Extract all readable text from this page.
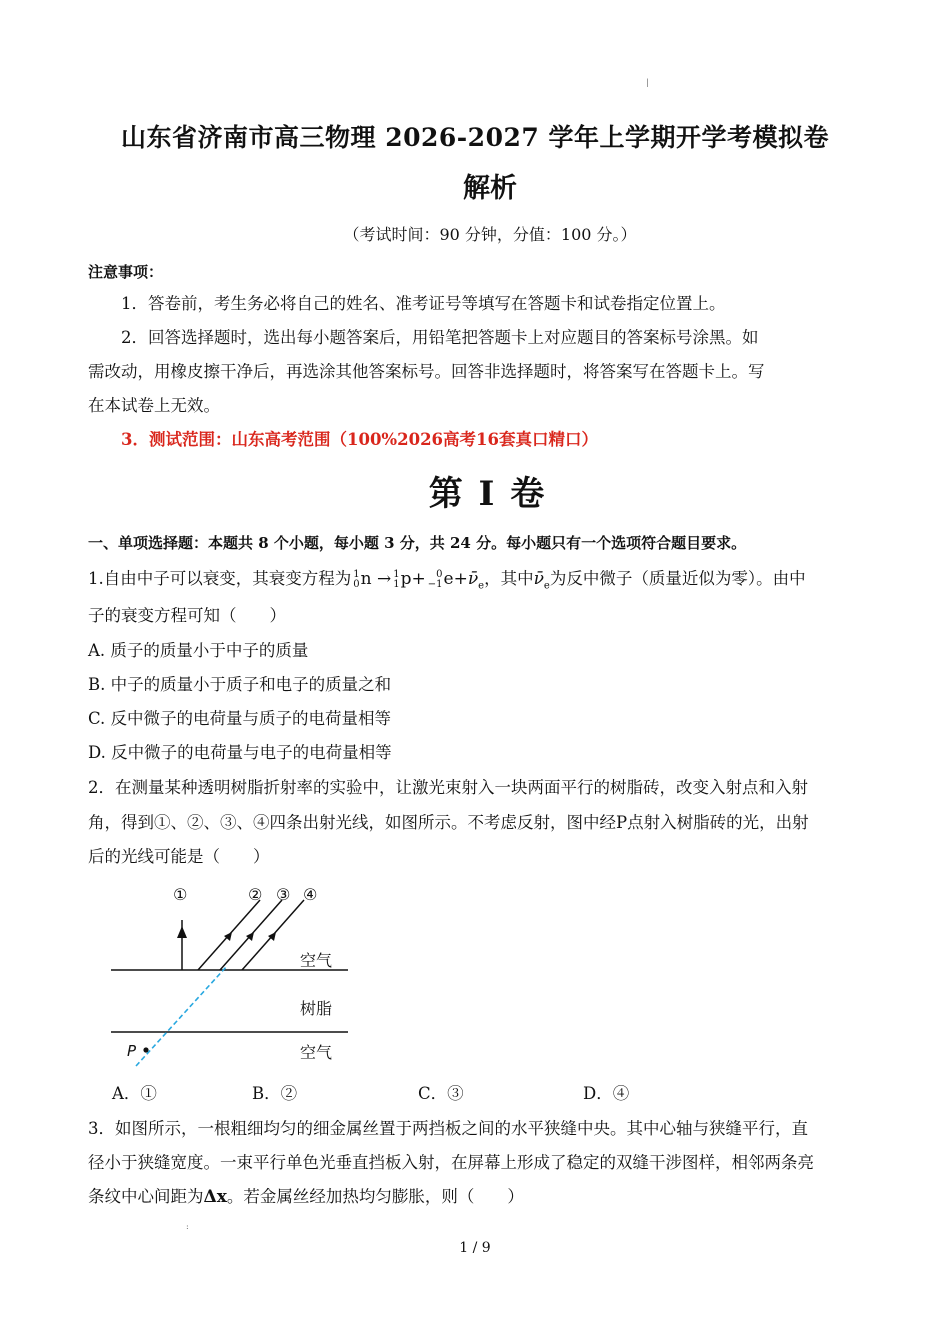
|
山东省济南市高三物理 2026-2027 学年上学期开学考模拟卷
解析
（考试时间：90 分钟，分值：100 分。）
注意事项：
1．答卷前，考生务必将自己的姓名、准考证号等填写在答题卡和试卷指定位置上。
2．回答选择题时，选出每小题答案后，用铅笔把答题卡上对应题目的答案标号涂黑。如
需改动，用橡皮擦干净后，再选涂其他答案标号。回答非选择题时，将答案写在答题卡上。写
在本试卷上无效。
3．测试范围：山东高考范围（100%2026高考16套真口精口）
第 I 卷
一、单项选择题：本题共 8 个小题，每小题 3 分，共 24 分。每小题只有一个选项符合题目要求。
1.自由中子可以衰变，其衰变方程为 1
0 n → 1
1 p+	0
−1 $e+\nū_e$，其中$\nū_e$为反中微子（质量近似为零）。由中
子的衰变方程可知（　　）
A. 质子的质量小于中子的质量
B. 中子的质量小于质子和电子的质量之和
C. 反中微子的电荷量与质子的电荷量相等
D. 反中微子的电荷量与电子的电荷量相等
2．在测量某种透明树脂折射率的实验中，让激光束射入一块两面平行的树脂砖，改变入射点和入射
角，得到①、②、③、④四条出射光线，如图所示。不考虑反射，图中经P点射入树脂砖的光，出射
后的光线可能是（　　）
P
①	② ③ ④
空气
树脂
空气
A．①	B．②	C．③	D．④
3．如图所示，一根粗细均匀的细金属丝置于两挡板之间的水平狭缝中央。其中心轴与狭缝平行，直
径小于狭缝宽度。一束平行单色光垂直挡板入射，在屏幕上形成了稳定的双缝干涉图样，相邻两条亮
条纹中心间距为Δx。若金属丝经加热均匀膨胀，则（　　）
:
1 / 9
